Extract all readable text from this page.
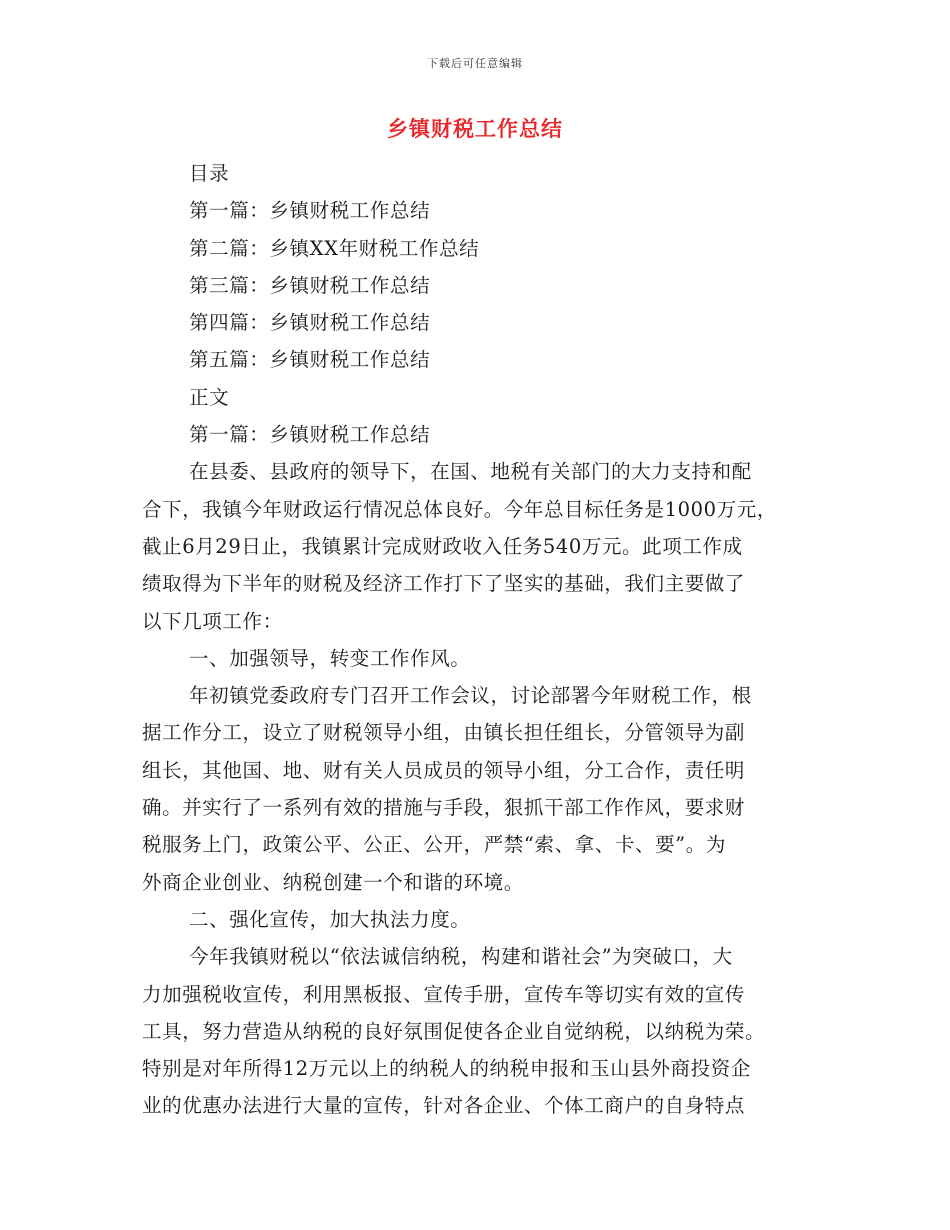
下载后可任意编辑
乡镇财税工作总结
目录
第一篇：乡镇财税工作总结
第二篇：乡镇XX年财税工作总结
第三篇：乡镇财税工作总结
第四篇：乡镇财税工作总结
第五篇：乡镇财税工作总结
正文
第一篇：乡镇财税工作总结
在县委、县政府的领导下，在国、地税有关部门的大力支持和配
合下，我镇今年财政运行情况总体良好。今年总目标任务是1000万元，
截止6月29日止，我镇累计完成财政收入任务540万元。此项工作成
绩取得为下半年的财税及经济工作打下了坚实的基础，我们主要做了
以下几项工作：
一、加强领导，转变工作作风。
年初镇党委政府专门召开工作会议，讨论部署今年财税工作，根
据工作分工，设立了财税领导小组，由镇长担任组长，分管领导为副
组长，其他国、地、财有关人员成员的领导小组，分工合作，责任明
确。并实行了一系列有效的措施与手段，狠抓干部工作作风，要求财
税服务上门，政策公平、公正、公开，严禁“索、拿、卡、要”。为
外商企业创业、纳税创建一个和谐的环境。
二、强化宣传，加大执法力度。
今年我镇财税以“依法诚信纳税，构建和谐社会”为突破口，大
力加强税收宣传，利用黑板报、宣传手册，宣传车等切实有效的宣传
工具，努力营造从纳税的良好氛围促使各企业自觉纳税，以纳税为荣。
特别是对年所得12万元以上的纳税人的纳税申报和玉山县外商投资企
业的优惠办法进行大量的宣传，针对各企业、个体工商户的自身特点
